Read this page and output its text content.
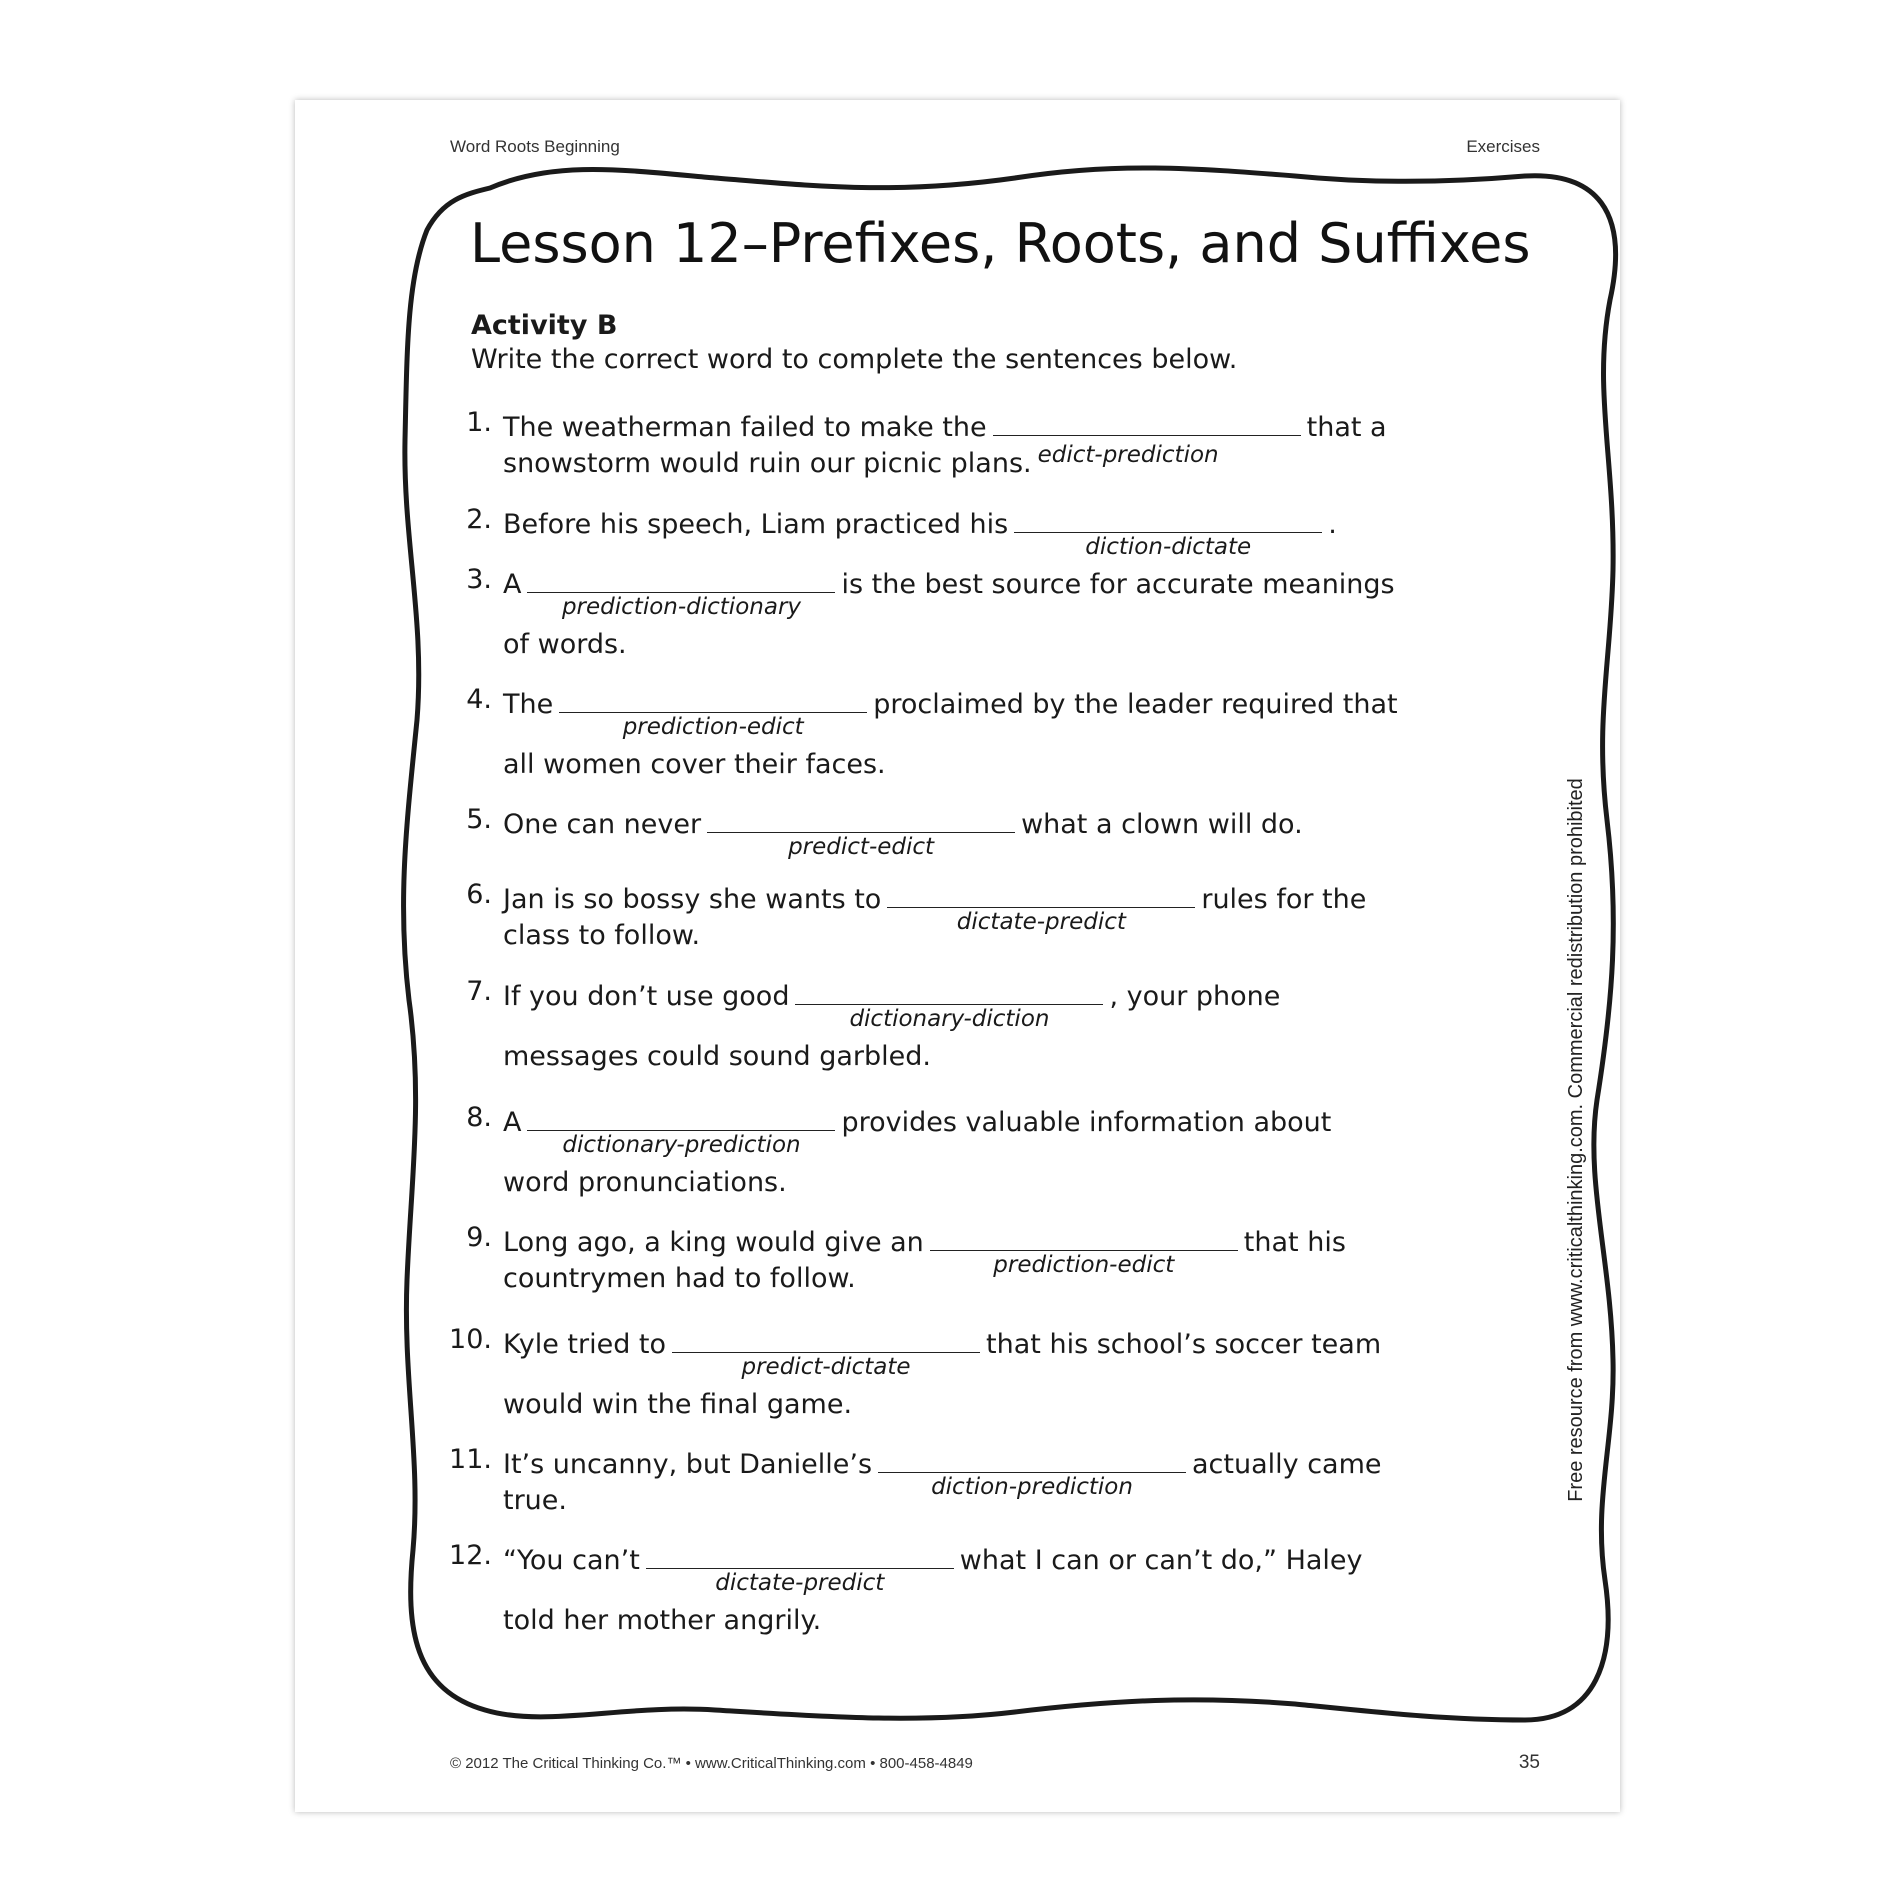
Word Roots Beginning	Exercises
Lesson 12–Prefixes, Roots, and Suffixes
Activity B

Write the correct word to complete the sentences below.

1. The weatherman failed to make the	that a
snowstorm would ruin our picnic plans. edict-prediction
2. Before his speech, Liam practiced his
diction-dictate
.
3. A
prediction-dictionary
is the best source for accurate meanings
of words.
4. The
prediction-edict
proclaimed by the leader required that
all women cover their faces.
5. One can never
predict-edict
what a clown will do.
6. Jan is so bossy she wants to
dictate-predict
rules for the
class to follow.
7. If you don’t use good
dictionary-diction
, your phone
messages could sound garbled.
8. A
dictionary-prediction
provides valuable information about
word pronunciations.
9. Long ago, a king would give an
prediction-edict
that his
countrymen had to follow.
10. Kyle tried to
predict-dictate
that his school’s soccer team
would win the final game.
11. It’s uncanny, but Danielle’s
diction-prediction
actually came
true.
12. “You can’t
dictate-predict
what I can or can’t do,” Haley
told her mother angrily.
© 2012 The Critical Thinking Co.™ • www.CriticalThinking.com • 800-458-4849	35
Free resource from www.criticalthinking.com. Commercial redistribution prohibited
